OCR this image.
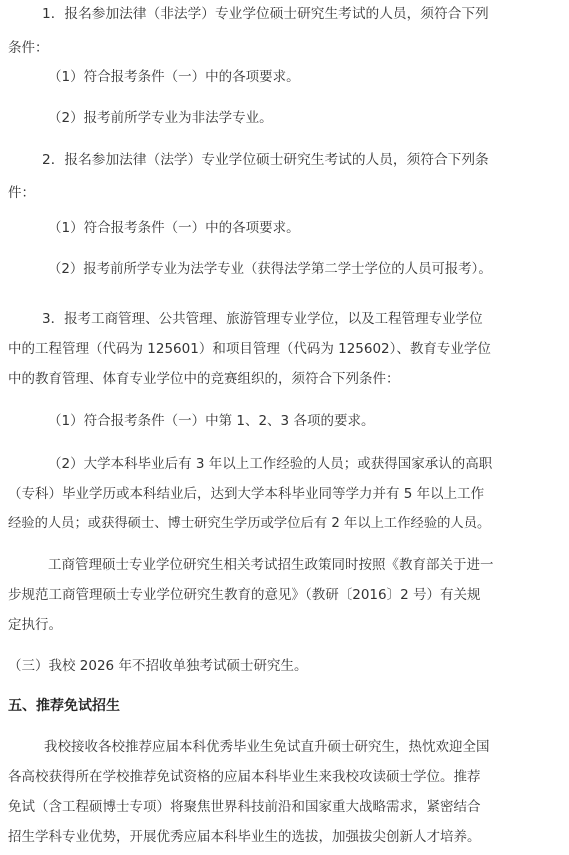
1．报名参加法律（非法学）专业学位硕士研究生考试的人员，须符合下列
条件：
（1）符合报考条件（一）中的各项要求。
（2）报考前所学专业为非法学专业。
2．报名参加法律（法学）专业学位硕士研究生考试的人员，须符合下列条
件：
（1）符合报考条件（一）中的各项要求。
（2）报考前所学专业为法学专业（获得法学第二学士学位的人员可报考）。
3．报考工商管理、公共管理、旅游管理专业学位，以及工程管理专业学位
中的工程管理（代码为 125601）和项目管理（代码为 125602）、教育专业学位
中的教育管理、体育专业学位中的竞赛组织的，须符合下列条件：
（1）符合报考条件（一）中第 1、2、3 各项的要求。
（2）大学本科毕业后有 3 年以上工作经验的人员；或获得国家承认的高职
（专科）毕业学历或本科结业后，达到大学本科毕业同等学力并有 5 年以上工作
经验的人员；或获得硕士、博士研究生学历或学位后有 2 年以上工作经验的人员。
工商管理硕士专业学位研究生相关考试招生政策同时按照《教育部关于进一
步规范工商管理硕士专业学位研究生教育的意见》（教研〔2016〕2 号）有关规
定执行。
（三）我校 2026 年不招收单独考试硕士研究生。
五、推荐免试招生
我校接收各校推荐应届本科优秀毕业生免试直升硕士研究生，热忱欢迎全国
各高校获得所在学校推荐免试资格的应届本科毕业生来我校攻读硕士学位。推荐
免试（含工程硕博士专项）将聚焦世界科技前沿和国家重大战略需求，紧密结合
招生学科专业优势，开展优秀应届本科毕业生的选拔，加强拔尖创新人才培养。
